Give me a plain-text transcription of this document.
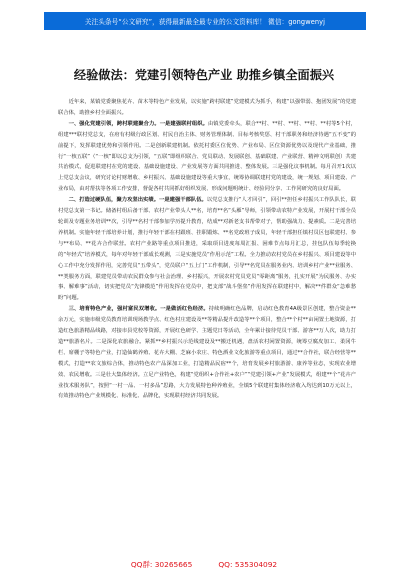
关注头条号“公文研究”，获得最新最全最专业的公文资料库！ 微信：gongwenyj
经验做法：党建引领特色产业 助推乡镇全面振兴

近年来，某镇党委聚焦花卉、苗木等特色产业发展，以实施“跨村联建”党建模式为抓手，构建“以强带弱、抱团发展”的党建联合体，助推乡村全面振兴。

一、强化党建引领，跨村联建聚合力。一是建强联村组织。由镇党委牵头，联合**村、**村、**村、**村、**村等5个村，组建***联村党总支，在府有村级行政区划、村民自治主体、财务管理体制、目标考核奖惩、村干部职务和经济待遇“五不变”的前提下，发挥联建优势和引领作用。二是创新联建机制。依托村委区位优势、产业布局、区位资源优势以及现代产业基础，推行“一核五联”（“一核”即以总支为引领，“五联”即组织联合、党员联动、发展联创、基础联建、产业联营、精神文明联创）共建共治模式，促进联建村在党的建设、基础设施建设、产业发展等方面共同推进、整体发展。三是强化议事机制。每月召开1次以上党总支会议，研究讨论村财增收、乡村振兴、基础设施建设等重大事宜，统筹协调联建村党的建设，统一规划、项目建设、产业布局，由对帮扶等各项工作安排，督促各村共同抓好组织发展、形成问题明统计、经验同分享、工作同研究的良好局面。

二、打造过硬队伍，聚力攻坚出实绩。一是建强干部队伍。以党总支推行“人才回引”，回引**担任乡村振兴工作队队长，联村党总支第一书记。储备村组后备干部、农村产业带头人**名，培育**名“头雁”导师，引领带动农特产业发展，开展村干部全员轮训及专题业务培训**次，引导**名村干部参加学历提升教育，结成**对新老支书帮带对子，帮助强战力、提素质。二是完善培养机制。实施年轻干部培养计划，推行年轻干部在村跟班、挂职锻炼、**名党政班子成员，年轻干部担任镇村员区包联建村、参与**布局、**花卉合作联营。农村产业路等重点项目推进，采取项目进度每周汇报、困难节点每月汇总，挂包队伍每季轮换的“年轻式”培养模式，每年对年轻干部成长观测，三是实施党员“作用示范”工程。全力推动农村党员在乡村振兴、项目建设等中心工作中充分发挥作用，完善党员“五带头”，党员联户“五上门”工作机制，引导**名党员在服务业内、培训乡村产业**业服务、**类服务方面，联建党员带动农民群众参与社会治理、乡村振兴，开展农村党员党员“零距离”服务，扎实开展“为民服务、办实事、解难事”活动，切实把党员“先锋模范”作用发挥在党员中，把支部“战斗堡垒”作用发挥在联建村中，解决**件群众“急难愁盼”问题。

三、培育特色产业，强村富民双增收。一是做活红色经济。持续明确红色品牌，启动红色教育4A级景区创建，整合资金**余万元，实施市级党员教育培训现场教学点、红色村庄建设及**等精品提升改造等**个项目，整合**个村**亩闲置土地资源，打造红色旅游精品线路，对接市县党校等资源，开展红色研学、主题党日等活动，全年累计接待党员干部、游客**万人次，助力打造**旅游名片。二是深化农旅融合。紧抓**乡村振兴示范线建设及**搬迁机遇，盘活农村闲置资源，统筹豆腐皮加工、柔冈牛栏、席棚子等特色产业，打造仙鹤养殖、花卉大棚、芝麻小农庄、特色酒业文化旅游等重点项目，通过**合作社，联合经营等**模式，打造**农文旅综合体，推动特色农产品深加工业，打造精品民宿**个，培育发展乡村旅游游、康养等业态，实现农业增效、农民增收。三是壮大集体经济。立足产业特色，构建“党组织+合作社+农户”“党建引领+产业”发展模式，组建**个“花卉产业技术服务队”，按照“一村一品、一村多品”思路，大力发展特色种养殖业，全镇5个联建村集体经济收入均达到10万元以上，有效推动特色产业规模化、标准化、品牌化，实现联村经济共同发展。

QQ群: 30265665	QQ: 535304092
